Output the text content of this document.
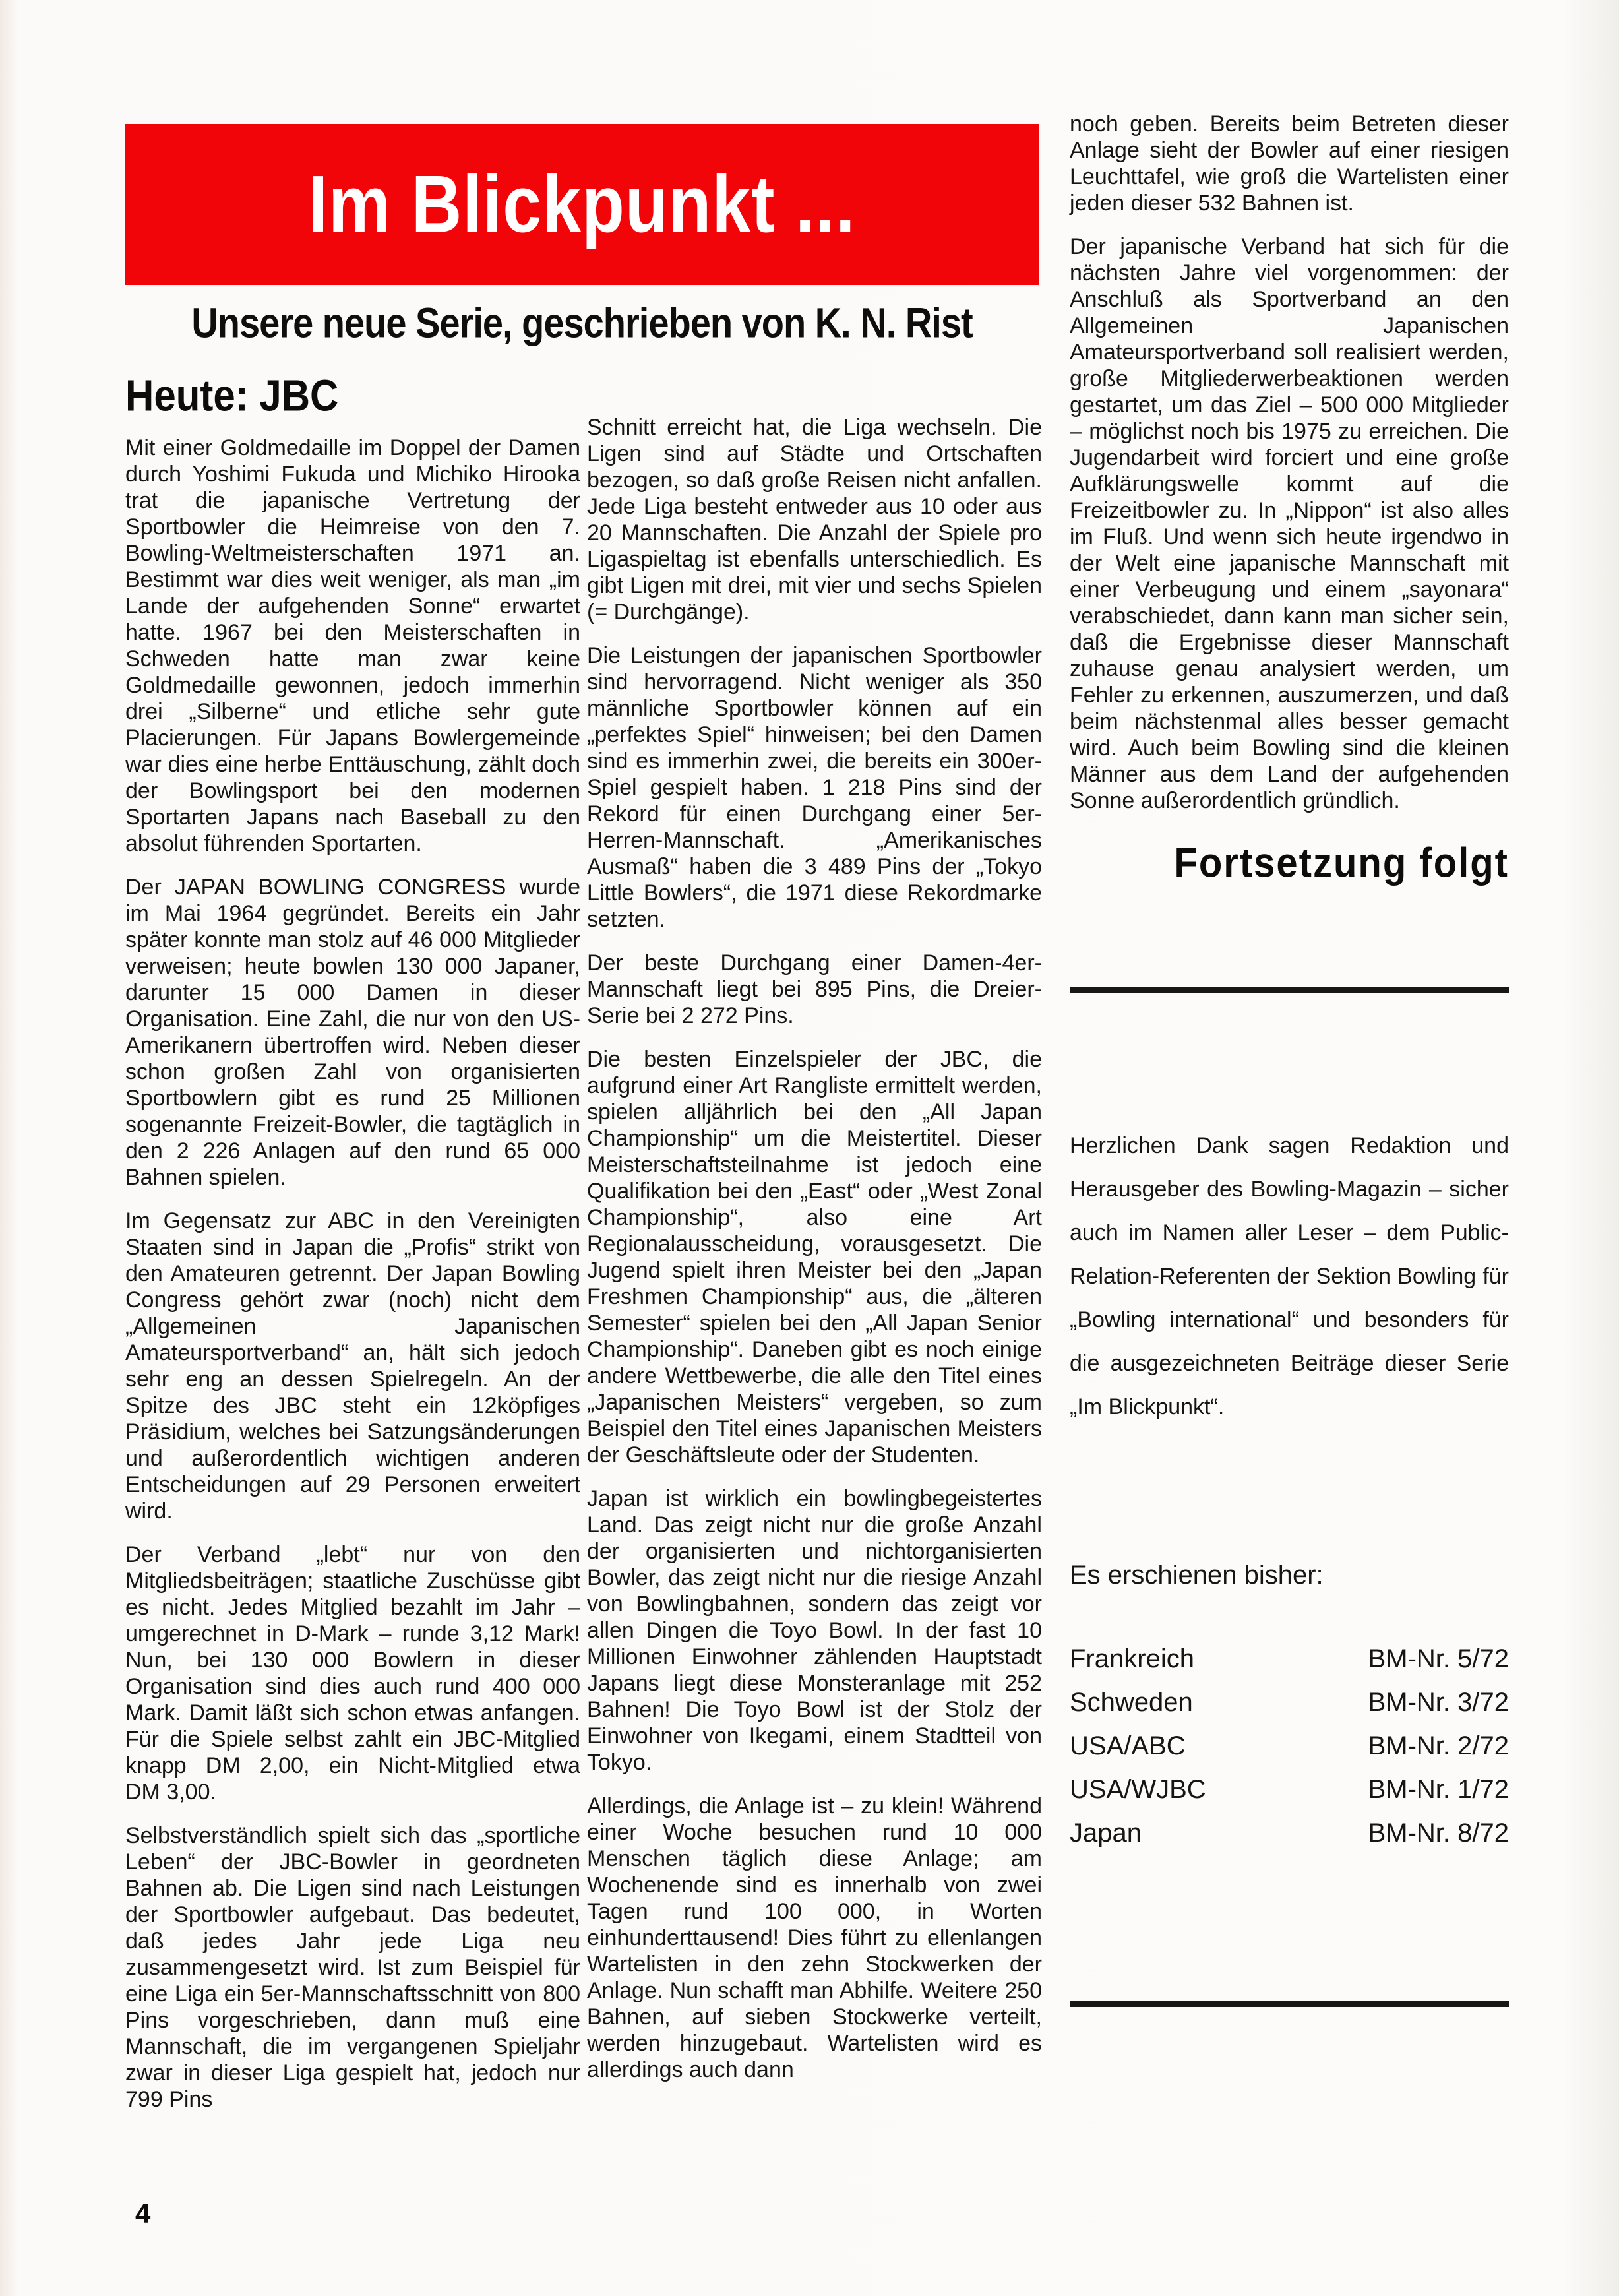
Im Blickpunkt ...
Unsere neue Serie, geschrieben von K. N. Rist
Heute: JBC

Mit einer Goldmedaille im Doppel der Damen durch Yoshimi Fukuda und Michiko Hirooka trat die japanische Vertretung der Sportbowler die Heimreise von den 7. Bowling-Weltmeisterschaften 1971 an. Bestimmt war dies weit weniger, als man „im Lande der aufgehenden Sonne“ erwartet hatte. 1967 bei den Meisterschaften in Schweden hatte man zwar keine Goldmedaille gewonnen, jedoch immerhin drei „Silberne“ und etliche sehr gute Placierungen. Für Japans Bowlergemeinde war dies eine herbe Enttäuschung, zählt doch der Bowlingsport bei den modernen Sportarten Japans nach Baseball zu den absolut führenden Sportarten.

Der JAPAN BOWLING CONGRESS wurde im Mai 1964 gegründet. Bereits ein Jahr später konnte man stolz auf 46 000 Mitglieder verweisen; heute bowlen 130 000 Japaner, darunter 15 000 Damen in dieser Organisation. Eine Zahl, die nur von den US-Amerikanern übertroffen wird. Neben dieser schon großen Zahl von organisierten Sportbowlern gibt es rund 25 Millionen sogenannte Freizeit-Bowler, die tagtäglich in den 2 226 Anlagen auf den rund 65 000 Bahnen spielen.

Im Gegensatz zur ABC in den Vereinigten Staaten sind in Japan die „Profis“ strikt von den Amateuren getrennt. Der Japan Bowling Congress gehört zwar (noch) nicht dem „Allgemeinen Japanischen Amateursportverband“ an, hält sich jedoch sehr eng an dessen Spielregeln. An der Spitze des JBC steht ein 12köpfiges Präsidium, welches bei Satzungsänderungen und außerordentlich wichtigen anderen Entscheidungen auf 29 Personen erweitert wird.

Der Verband „lebt“ nur von den Mitgliedsbeiträgen; staatliche Zuschüsse gibt es nicht. Jedes Mitglied bezahlt im Jahr – umgerechnet in D-Mark – runde 3,12 Mark! Nun, bei 130 000 Bowlern in dieser Organisation sind dies auch rund 400 000 Mark. Damit läßt sich schon etwas anfangen. Für die Spiele selbst zahlt ein JBC-Mitglied knapp DM 2,00, ein Nicht-Mitglied etwa DM 3,00.

Selbstverständlich spielt sich das „sportliche Leben“ der JBC-Bowler in geordneten Bahnen ab. Die Ligen sind nach Leistungen der Sportbowler aufgebaut. Das bedeutet, daß jedes Jahr jede Liga neu zusammengesetzt wird. Ist zum Beispiel für eine Liga ein 5er-Mannschaftsschnitt von 800 Pins vorgeschrieben, dann muß eine Mannschaft, die im vergangenen Spieljahr zwar in dieser Liga gespielt hat, jedoch nur 799 Pins

Schnitt erreicht hat, die Liga wechseln. Die Ligen sind auf Städte und Ortschaften bezogen, so daß große Reisen nicht anfallen. Jede Liga besteht entweder aus 10 oder aus 20 Mannschaften. Die Anzahl der Spiele pro Ligaspieltag ist ebenfalls unterschiedlich. Es gibt Ligen mit drei, mit vier und sechs Spielen (= Durchgänge).

Die Leistungen der japanischen Sportbowler sind hervorragend. Nicht weniger als 350 männliche Sportbowler können auf ein „perfektes Spiel“ hinweisen; bei den Damen sind es immerhin zwei, die bereits ein 300er-Spiel gespielt haben. 1 218 Pins sind der Rekord für einen Durchgang einer 5er-Herren-Mannschaft. „Amerikanisches Ausmaß“ haben die 3 489 Pins der „Tokyo Little Bowlers“, die 1971 diese Rekordmarke setzten.

Der beste Durchgang einer Damen-4er-Mannschaft liegt bei 895 Pins, die Dreier-Serie bei 2 272 Pins.

Die besten Einzelspieler der JBC, die aufgrund einer Art Rangliste ermittelt werden, spielen alljährlich bei den „All Japan Championship“ um die Meistertitel. Dieser Meisterschaftsteilnahme ist jedoch eine Qualifikation bei den „East“ oder „West Zonal Championship“, also eine Art Regionalausscheidung, vorausgesetzt. Die Jugend spielt ihren Meister bei den „Japan Freshmen Championship“ aus, die „älteren Semester“ spielen bei den „All Japan Senior Championship“. Daneben gibt es noch einige andere Wettbewerbe, die alle den Titel eines „Japanischen Meisters“ vergeben, so zum Beispiel den Titel eines Japanischen Meisters der Geschäftsleute oder der Studenten.

Japan ist wirklich ein bowlingbegeistertes Land. Das zeigt nicht nur die große Anzahl der organisierten und nichtorganisierten Bowler, das zeigt nicht nur die riesige Anzahl von Bowlingbahnen, sondern das zeigt vor allen Dingen die Toyo Bowl. In der fast 10 Millionen Einwohner zählenden Hauptstadt Japans liegt diese Monsteranlage mit 252 Bahnen! Die Toyo Bowl ist der Stolz der Einwohner von Ikegami, einem Stadtteil von Tokyo.

Allerdings, die Anlage ist – zu klein! Während einer Woche besuchen rund 10 000 Menschen täglich diese Anlage; am Wochenende sind es innerhalb von zwei Tagen rund 100 000, in Worten einhunderttausend! Dies führt zu ellenlangen Wartelisten in den zehn Stockwerken der Anlage. Nun schafft man Abhilfe. Weitere 250 Bahnen, auf sieben Stockwerke verteilt, werden hinzugebaut. Wartelisten wird es allerdings auch dann

noch geben. Bereits beim Betreten dieser Anlage sieht der Bowler auf einer riesigen Leuchttafel, wie groß die Wartelisten einer jeden dieser 532 Bahnen ist.

Der japanische Verband hat sich für die nächsten Jahre viel vorgenommen: der Anschluß als Sportverband an den Allgemeinen Japanischen Amateursportverband soll realisiert werden, große Mitgliederwerbeaktionen werden gestartet, um das Ziel – 500 000 Mitglieder – möglichst noch bis 1975 zu erreichen. Die Jugendarbeit wird forciert und eine große Aufklärungswelle kommt auf die Freizeitbowler zu. In „Nippon“ ist also alles im Fluß. Und wenn sich heute irgendwo in der Welt eine japanische Mannschaft mit einer Verbeugung und einem „sayonara“ verabschiedet, dann kann man sicher sein, daß die Ergebnisse dieser Mannschaft zuhause genau analysiert werden, um Fehler zu erkennen, auszumerzen, und daß beim nächstenmal alles besser gemacht wird. Auch beim Bowling sind die kleinen Männer aus dem Land der aufgehenden Sonne außerordentlich gründlich.

Fortsetzung folgt

Herzlichen Dank sagen Redaktion und Herausgeber des Bowling-Magazin – sicher auch im Namen aller Leser – dem Public-Relation-Referenten der Sektion Bowling für „Bowling international“ und besonders für die ausgezeichneten Beiträge dieser Serie „Im Blickpunkt“.

Es erschienen bisher:
Frankreich	BM-Nr. 5/72
Schweden	BM-Nr. 3/72
USA/ABC	BM-Nr. 2/72
USA/WJBC	BM-Nr. 1/72
Japan	BM-Nr. 8/72
4
